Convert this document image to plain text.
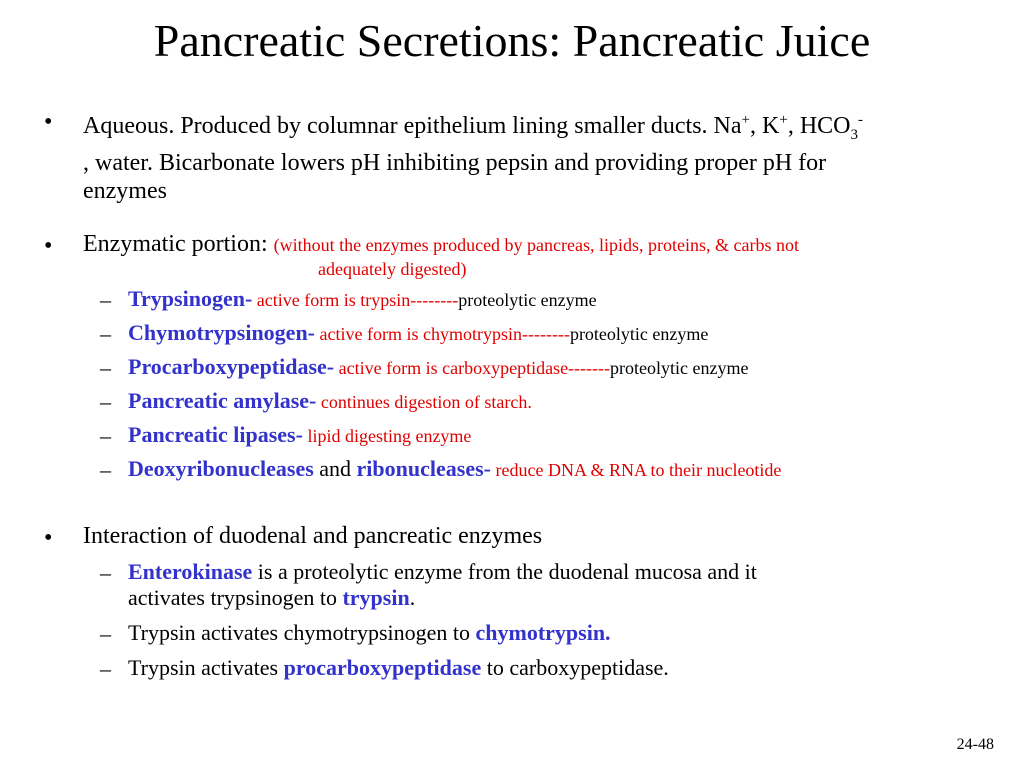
Pancreatic Secretions: Pancreatic Juice
• Aqueous. Produced by columnar epithelium lining smaller ducts. Na+, K+, $HCO_3^-$
, water. Bicarbonate lowers pH inhibiting pepsin and providing proper pH for
enzymes
• Enzymatic portion: (without the enzymes produced by pancreas, lipids, proteins, & carbs not
adequately digested)
– Trypsinogen- active form is trypsin--------proteolytic enzyme
– Chymotrypsinogen- active form is chymotrypsin--------proteolytic enzyme
– Procarboxypeptidase- active form is carboxypeptidase-------proteolytic enzyme
– Pancreatic amylase- continues digestion of starch.
– Pancreatic lipases- lipid digesting enzyme
– Deoxyribonucleases and ribonucleases- reduce DNA & RNA to their nucleotide
• Interaction of duodenal and pancreatic enzymes
– Enterokinase is a proteolytic enzyme from the duodenal mucosa and it
activates trypsinogen to trypsin.
– Trypsin activates chymotrypsinogen to chymotrypsin.
– Trypsin activates procarboxypeptidase to carboxypeptidase.
24-48
